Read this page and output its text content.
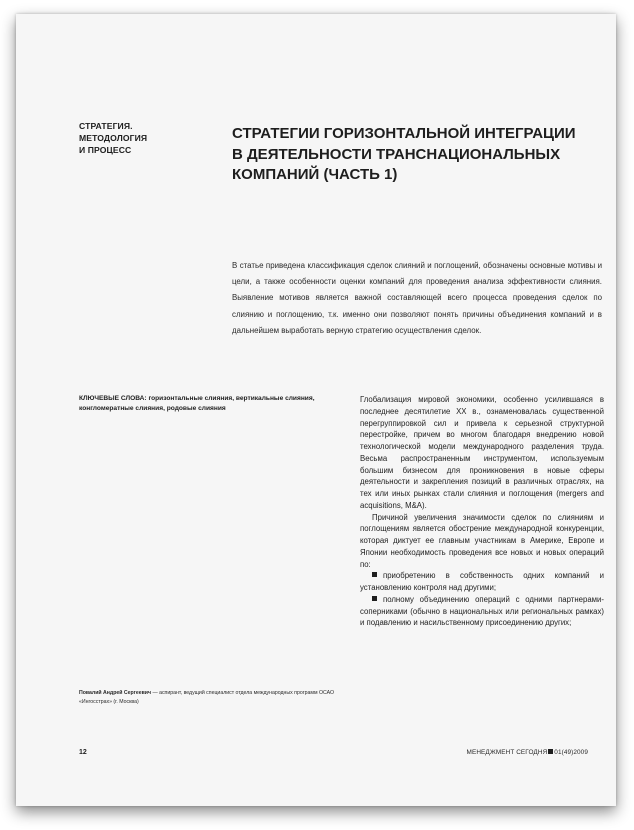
СТРАТЕГИЯ.
МЕТОДОЛОГИЯ
И ПРОЦЕСС
СТРАТЕГИИ ГОРИЗОНТАЛЬНОЙ ИНТЕГРАЦИИ
В ДЕЯТЕЛЬНОСТИ ТРАНСНАЦИОНАЛЬНЫХ
КОМПАНИЙ (ЧАСТЬ 1)

В статье приведена классификация сделок слияний и поглощений, обозначены основные мотивы и цели, а также особенности оценки компаний для проведения анализа эффективности слияния. Выявление мотивов является важной составляющей всего процесса проведения сделок по слиянию и поглощению, т.к. именно они позволяют понять причины объединения компаний и в дальнейшем выработать верную стратегию осуществления сделок.

КЛЮЧЕВЫЕ СЛОВА: горизонтальные слияния, вертикальные слияния, конгломератные слияния, родовые слияния

Повалий Андрей Сергеевич — аспирант, ведущий специалист отдела международных программ ОСАО «Ингосстрах» (г. Москва)

Глобализация мировой экономики, особенно усилившаяся в последнее десятилетие XX в., ознаменовалась существенной перегруппировкой сил и привела к серьезной структурной перестройке, причем во многом благодаря внедрению новой технологической модели международного разделения труда. Весьма распространенным инструментом, используемым большим бизнесом для проникновения в новые сферы деятельности и закрепления позиций в различных отраслях, на тех или иных рынках стали слияния и поглощения (mergers and acquisitions, M&A).

Причиной увеличения значимости сделок по слияниям и поглощениям является обострение международной конкуренции, которая диктует ее главным участникам в Америке, Европе и Японии необходимость проведения все новых и новых операций по:

приобретению в собственность одних компаний и установлению контроля над другими;
полному объединению операций с одними партнерами-соперниками (обычно в национальных или региональных рамках) и подавлению и насильственному присоединению других;
12	МЕНЕДЖМЕНТ СЕГОДНЯ 01(49)2009
